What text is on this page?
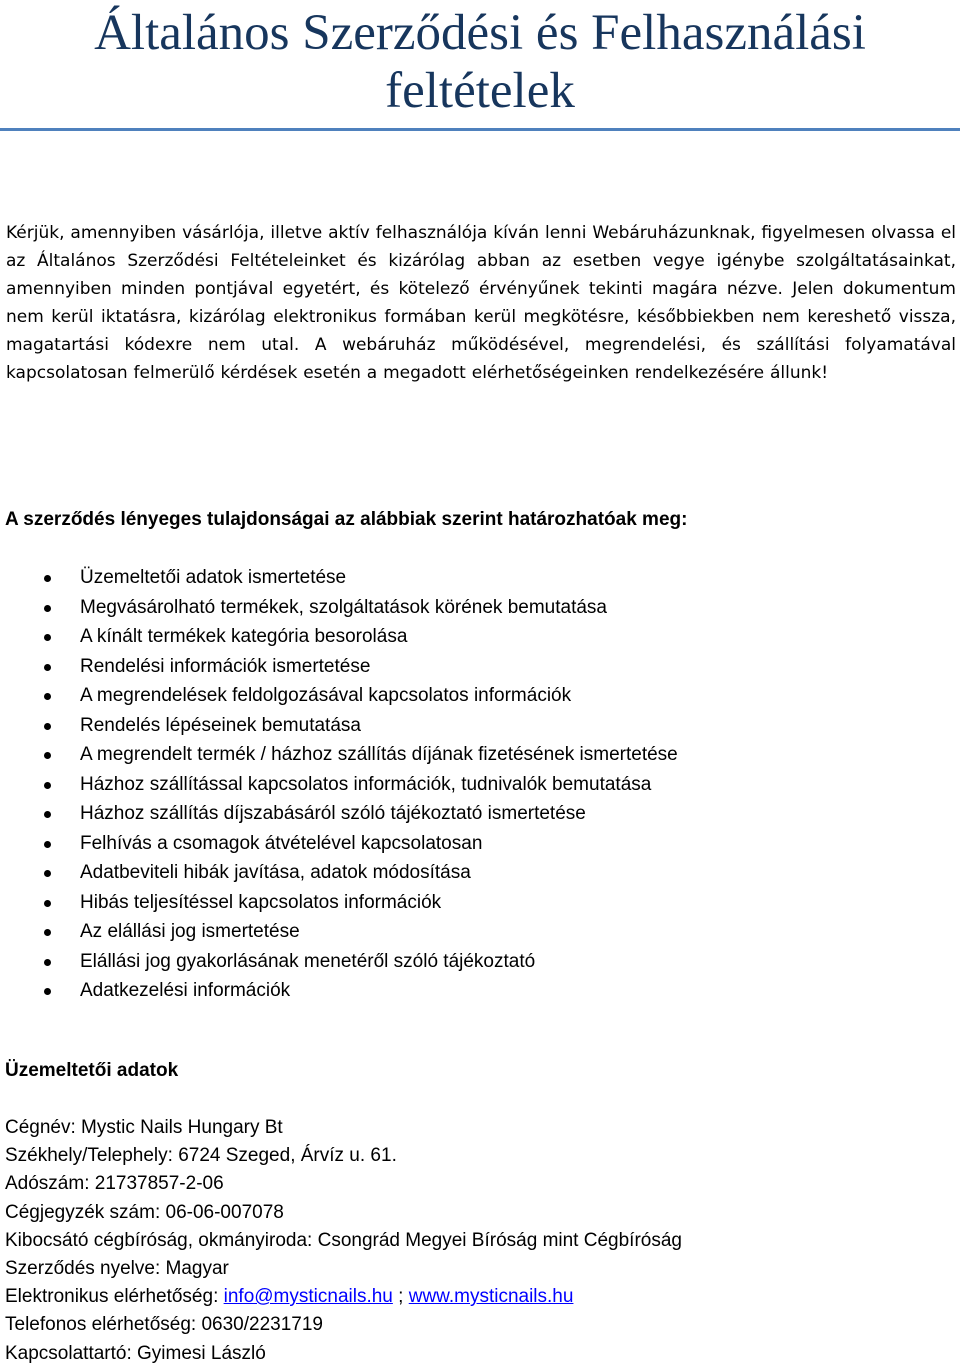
Általános Szerződési és Felhasználási feltételek

Kérjük, amennyiben vásárlója, illetve aktív felhasználója kíván lenni Webáruházunknak, figyelmesen olvassa el az Általános Szerződési Feltételeinket és kizárólag abban az esetben vegye igénybe szolgáltatásainkat, amennyiben minden pontjával egyetért, és kötelező érvényűnek tekinti magára nézve. Jelen dokumentum nem kerül iktatásra, kizárólag elektronikus formában kerül megkötésre, későbbiekben nem kereshető vissza, magatartási kódexre nem utal. A webáruház működésével, megrendelési, és szállítási folyamatával kapcsolatosan felmerülő kérdések esetén a megadott elérhetőségeinken rendelkezésére állunk!

A szerződés lényeges tulajdonságai az alábbiak szerint határozhatóak meg:
Üzemeltetői adatok ismertetése
Megvásárolható termékek, szolgáltatások körének bemutatása
A kínált termékek kategória besorolása
Rendelési információk ismertetése
A megrendelések feldolgozásával kapcsolatos információk
Rendelés lépéseinek bemutatása
A megrendelt termék / házhoz szállítás díjának fizetésének ismertetése
Házhoz szállítással kapcsolatos információk, tudnivalók bemutatása
Házhoz szállítás díjszabásáról szóló tájékoztató ismertetése
Felhívás a csomagok átvételével kapcsolatosan
Adatbeviteli hibák javítása, adatok módosítása
Hibás teljesítéssel kapcsolatos információk
Az elállási jog ismertetése
Elállási jog gyakorlásának menetéről szóló tájékoztató
Adatkezelési információk
Üzemeltetői adatok
Cégnév: Mystic Nails Hungary Bt
Székhely/Telephely: 6724 Szeged, Árvíz u. 61.
Adószám: 21737857-2-06
Cégjegyzék szám: 06-06-007078
Kibocsátó cégbíróság, okmányiroda: Csongrád Megyei Bíróság mint Cégbíróság
Szerződés nyelve: Magyar
Elektronikus elérhetőség: info@mysticnails.hu ; www.mysticnails.hu
Telefonos elérhetőség: 0630/2231719
Kapcsolattartó: Gyimesi László
